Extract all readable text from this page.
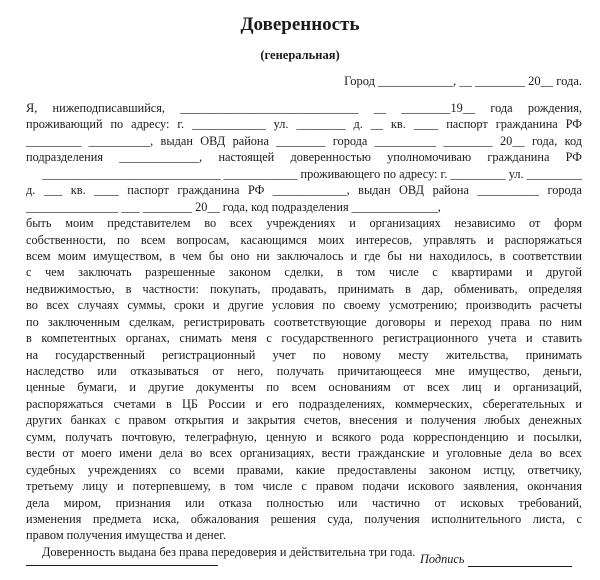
Доверенность
(генеральная)
Город ____________, __ ________ 20__ года.
Я, нижеподписавшийся, _____________________________ __ ________19__ года рождения,
проживающий по адресу: г. ____________ ул. ________ д. __ кв. ____ паспорт гражданина РФ
_________ __________, выдан ОВД района ________ города __________ ________ 20__ года, код
подразделения _____________, настоящей доверенностью уполномочиваю гражданина РФ
_____________________________ ____________ проживающего по адресу: г. _________ ул. _________
д. ___ кв. ____ паспорт гражданина РФ ____________, выдан ОВД района __________ города
_______________ ___ ________ 20__ года, код подразделения ______________,
быть моим представителем во всех учреждениях и организациях независимо от форм
собственности, по всем вопросам, касающимся моих интересов, управлять и распоряжаться
всем моим имуществом, в чем бы оно ни заключалось и где бы ни находилось, в соответствии
с чем заключать разрешенные законом сделки, в том числе с квартирами и другой
недвижимостью, в частности: покупать, продавать, принимать в дар, обменивать, определяя
во всех случаях суммы, сроки и другие условия по своему усмотрению; производить расчеты
по заключенным сделкам, регистрировать соответствующие договоры и переход права по ним
в компетентных органах, снимать меня с государственного регистрационного учета и ставить
на государственный регистрационный учет по новому месту жительства, принимать
наследство или отказываться от него, получать причитающееся мне имущество, деньги,
ценные бумаги, и другие документы по всем основаниям от всех лиц и организаций,
распоряжаться счетами в ЦБ России и его подразделениях, коммерческих, сберегательных и
других банках с правом открытия и закрытия счетов, внесения и получения любых денежных
сумм, получать почтовую, телеграфную, ценную и всякого рода корреспонденцию и посылки,
вести от моего имени дела во всех организациях, вести гражданские и уголовные дела во всех
судебных учреждениях со всеми правами, какие предоставлены законом истцу, ответчику,
третьему лицу и потерпевшему, в том числе с правом подачи искового заявления, окончания
дела миром, признания или отказа полностью или частично от исковых требований,
изменения предмета иска, обжалования решения суда, получения исполнительного листа, с
правом получения имущества и денег.
Доверенность выдана без права передоверия и действительна три года.
Подпись
